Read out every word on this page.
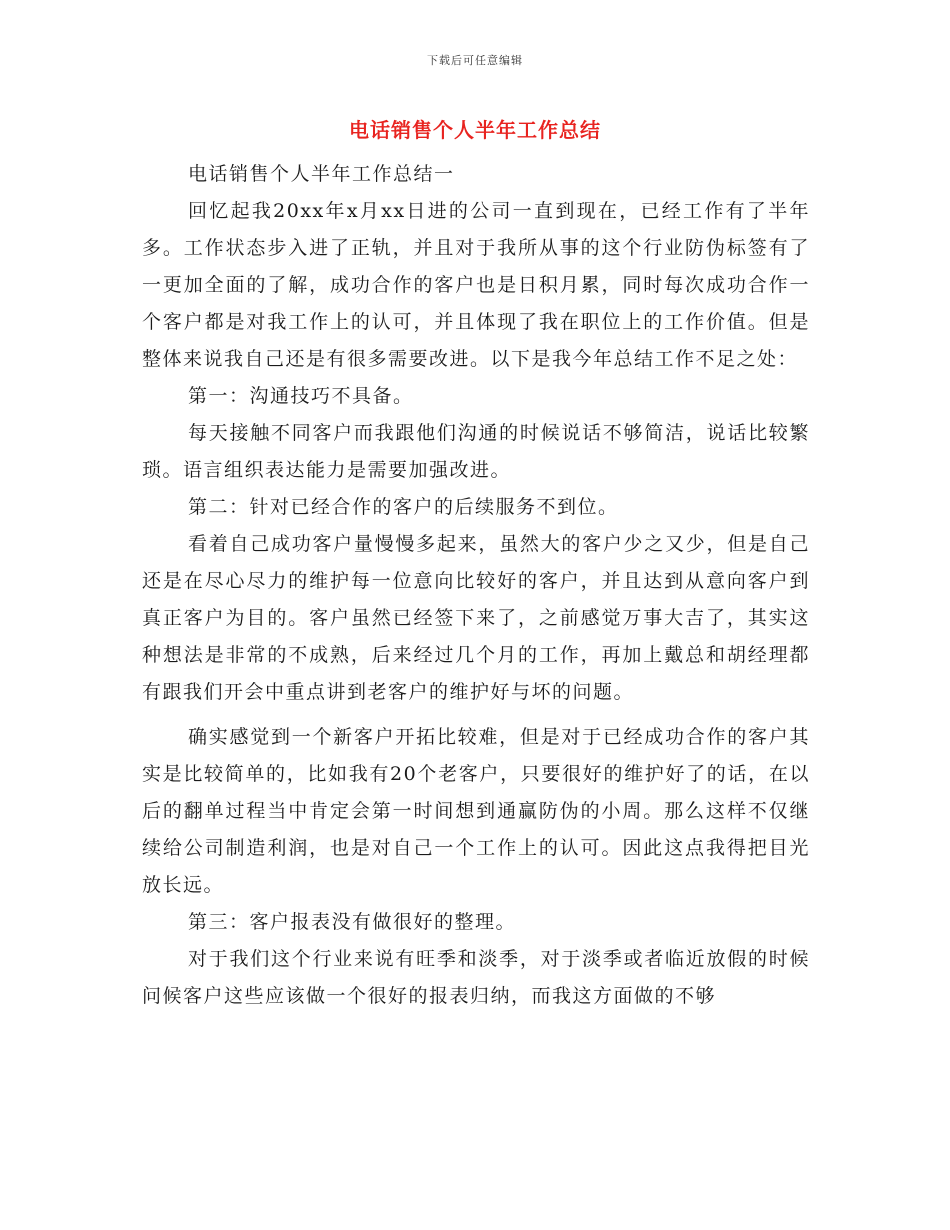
下载后可任意编辑
电话销售个人半年工作总结

电话销售个人半年工作总结一

回忆起我20xx年x月xx日进的公司一直到现在，已经工作有了半年多。工作状态步入进了正轨，并且对于我所从事的这个行业防伪标签有了一更加全面的了解，成功合作的客户也是日积月累，同时每次成功合作一个客户都是对我工作上的认可，并且体现了我在职位上的工作价值。但是整体来说我自己还是有很多需要改进。以下是我今年总结工作不足之处：

第一：沟通技巧不具备。

每天接触不同客户而我跟他们沟通的时候说话不够简洁，说话比较繁琐。语言组织表达能力是需要加强改进。

第二：针对已经合作的客户的后续服务不到位。

看着自己成功客户量慢慢多起来，虽然大的客户少之又少，但是自己还是在尽心尽力的维护每一位意向比较好的客户，并且达到从意向客户到真正客户为目的。客户虽然已经签下来了，之前感觉万事大吉了，其实这种想法是非常的不成熟，后来经过几个月的工作，再加上戴总和胡经理都有跟我们开会中重点讲到老客户的维护好与坏的问题。

确实感觉到一个新客户开拓比较难，但是对于已经成功合作的客户其实是比较简单的，比如我有20个老客户，只要很好的维护好了的话，在以后的翻单过程当中肯定会第一时间想到通赢防伪的小周。那么这样不仅继续给公司制造利润，也是对自己一个工作上的认可。因此这点我得把目光放长远。

第三：客户报表没有做很好的整理。

对于我们这个行业来说有旺季和淡季，对于淡季或者临近放假的时候问候客户这些应该做一个很好的报表归纳，而我这方面做的不够
